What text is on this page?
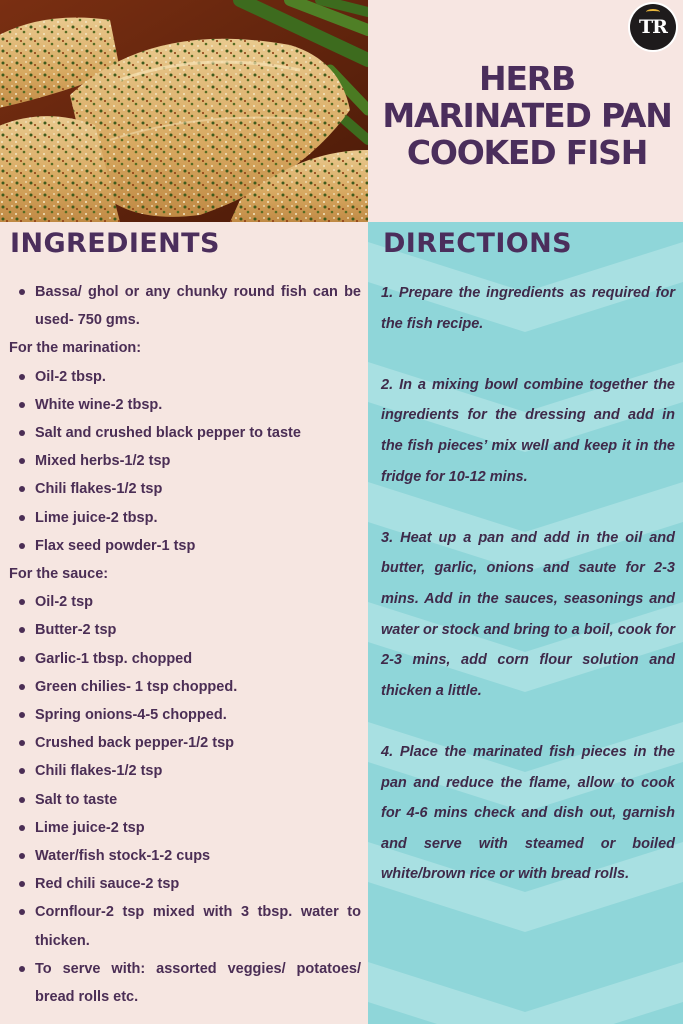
TR
HERB MARINATED PAN COOKED FISH
INGREDIENTS
Bassa/ ghol or any chunky round fish can be used- 750 gms.
For the marination:
Oil-2 tbsp.
White wine-2 tbsp.
Salt and crushed black pepper to taste
Mixed herbs-1/2 tsp
Chili flakes-1/2 tsp
Lime juice-2 tbsp.
Flax seed powder-1 tsp
For the sauce:
Oil-2 tsp
Butter-2 tsp
Garlic-1 tbsp. chopped
Green chilies- 1 tsp chopped.
Spring onions-4-5 chopped.
Crushed back pepper-1/2 tsp
Chili flakes-1/2 tsp
Salt to taste
Lime juice-2 tsp
Water/fish stock-1-2 cups
Red chili sauce-2 tsp
Cornflour-2 tsp mixed with 3 tbsp. water to thicken.
To serve with: assorted veggies/ potatoes/ bread rolls etc.
DIRECTIONS

1. Prepare the ingredients as required for the fish recipe.

2. In a mixing bowl combine together the ingredients for the dressing and add in the fish pieces’ mix well and keep it in the fridge for 10-12 mins.

3. Heat up a pan and add in the oil and butter, garlic, onions and saute for 2-3 mins. Add in the sauces, seasonings and water or stock and bring to a boil, cook for 2-3 mins, add corn flour solution and thicken a little.

4. Place the marinated fish pieces in the pan and reduce the flame, allow to cook for 4-6 mins check and dish out, garnish and serve with steamed or boiled white/brown rice or with bread rolls.
